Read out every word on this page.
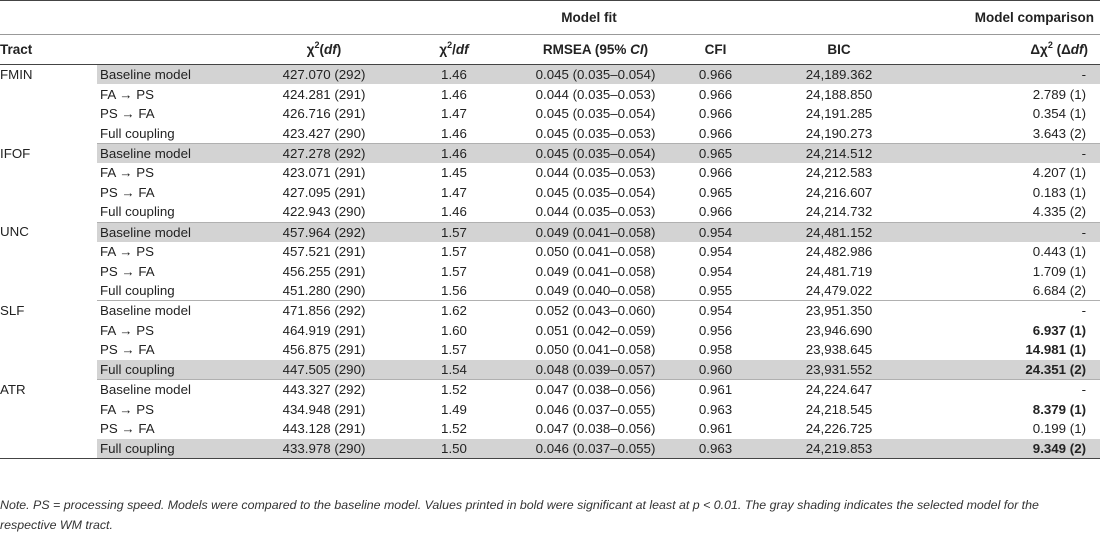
		Model fit					Model comparison
Tract		$\chi^2(df)$	$\chi^2/df$	RMSEA (95% CI)	CFI	BIC	$\Delta\chi^2$ (Δdf)
FMIN	Baseline model	427.070 (292)	1.46	0.045 (0.035–0.054)	0.966	24,189.362	-
	FA → PS	424.281 (291)	1.46	0.044 (0.035–0.053)	0.966	24,188.850	2.789 (1)
	PS → FA	426.716 (291)	1.47	0.045 (0.035–0.054)	0.966	24,191.285	0.354 (1)
	Full coupling	423.427 (290)	1.46	0.045 (0.035–0.053)	0.966	24,190.273	3.643 (2)
IFOF	Baseline model	427.278 (292)	1.46	0.045 (0.035–0.054)	0.965	24,214.512	-
	FA → PS	423.071 (291)	1.45	0.044 (0.035–0.053)	0.966	24,212.583	4.207 (1)
	PS → FA	427.095 (291)	1.47	0.045 (0.035–0.054)	0.965	24,216.607	0.183 (1)
	Full coupling	422.943 (290)	1.46	0.044 (0.035–0.053)	0.966	24,214.732	4.335 (2)
UNC	Baseline model	457.964 (292)	1.57	0.049 (0.041–0.058)	0.954	24,481.152	-
	FA → PS	457.521 (291)	1.57	0.050 (0.041–0.058)	0.954	24,482.986	0.443 (1)
	PS → FA	456.255 (291)	1.57	0.049 (0.041–0.058)	0.954	24,481.719	1.709 (1)
	Full coupling	451.280 (290)	1.56	0.049 (0.040–0.058)	0.955	24,479.022	6.684 (2)
SLF	Baseline model	471.856 (292)	1.62	0.052 (0.043–0.060)	0.954	23,951.350	-
	FA → PS	464.919 (291)	1.60	0.051 (0.042–0.059)	0.956	23,946.690	6.937 (1)
	PS → FA	456.875 (291)	1.57	0.050 (0.041–0.058)	0.958	23,938.645	14.981 (1)
	Full coupling	447.505 (290)	1.54	0.048 (0.039–0.057)	0.960	23,931.552	24.351 (2)
ATR	Baseline model	443.327 (292)	1.52	0.047 (0.038–0.056)	0.961	24,224.647	-
	FA → PS	434.948 (291)	1.49	0.046 (0.037–0.055)	0.963	24,218.545	8.379 (1)
	PS → FA	443.128 (291)	1.52	0.047 (0.038–0.056)	0.961	24,226.725	0.199 (1)
	Full coupling	433.978 (290)	1.50	0.046 (0.037–0.055)	0.963	24,219.853	9.349 (2)
Note. PS = processing speed. Models were compared to the baseline model. Values printed in bold were significant at least at p < 0.01. The gray shading indicates the selected model for the respective WM tract.
